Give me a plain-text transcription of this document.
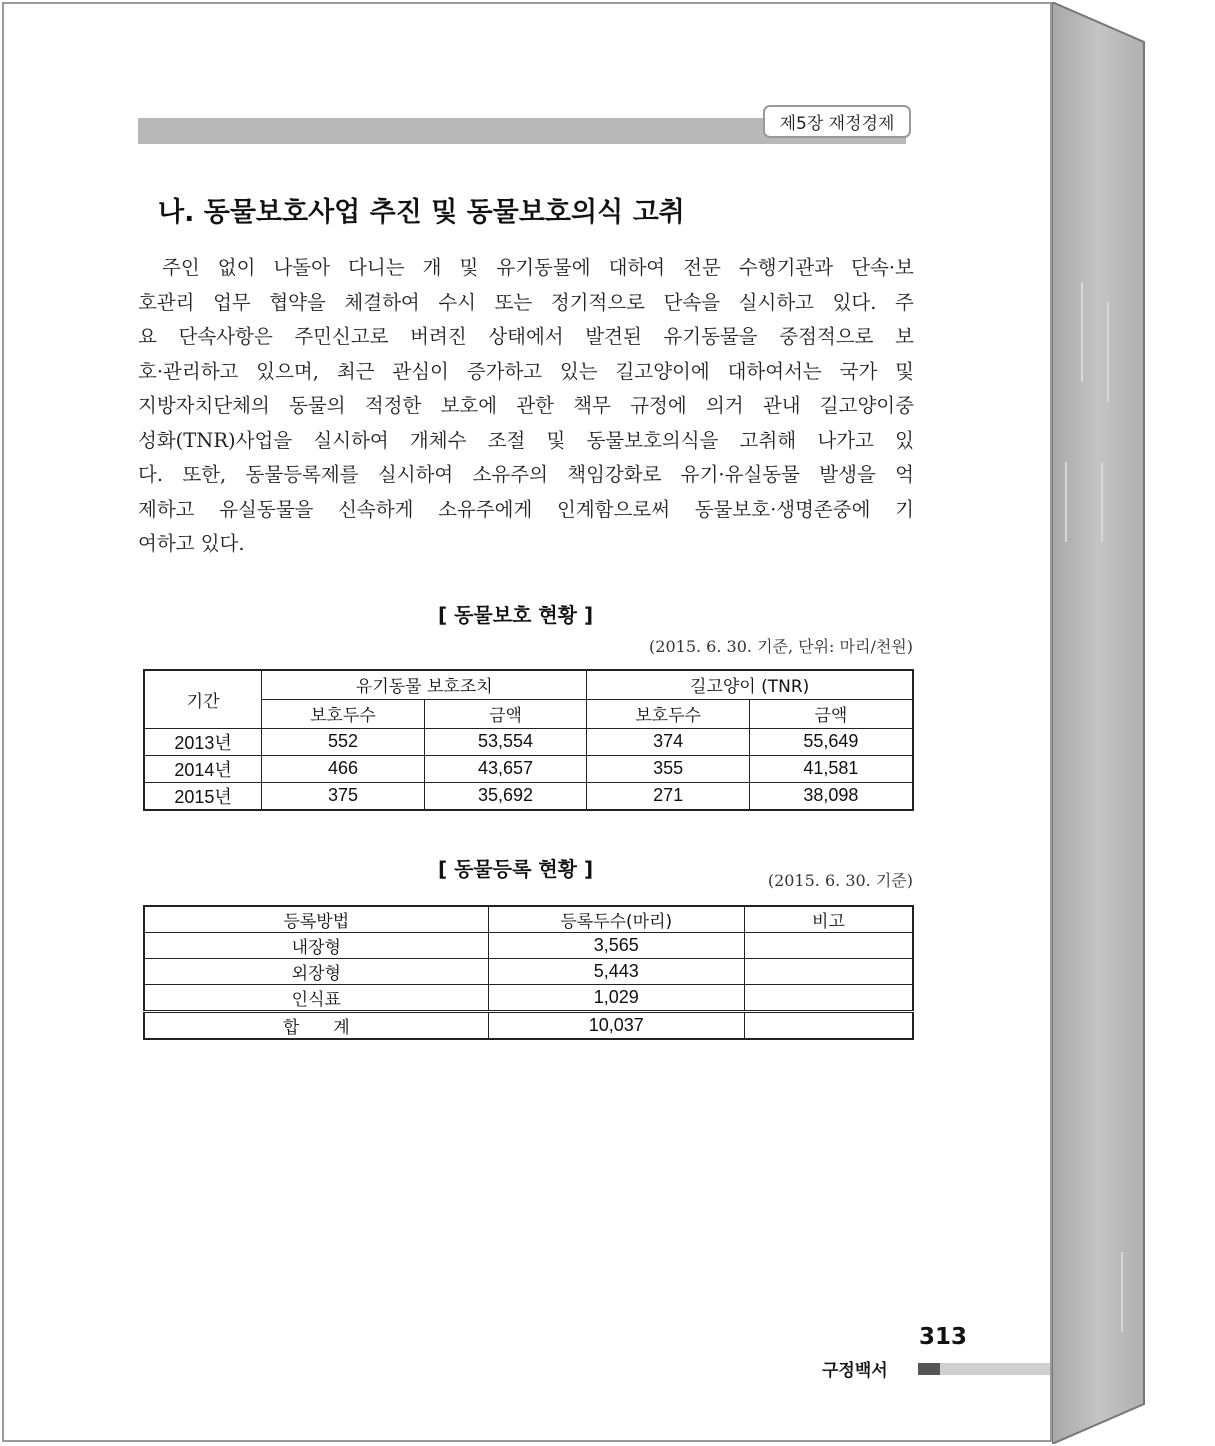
제5장 재정경제
나. 동물보호사업 추진 및 동물보호의식 고취
주인 없이 나돌아 다니는 개 및 유기동물에 대하여 전문 수행기관과 단속·보
호관리 업무 협약을 체결하여 수시 또는 정기적으로 단속을 실시하고 있다. 주
요 단속사항은 주민신고로 버려진 상태에서 발견된 유기동물을 중점적으로 보
호·관리하고 있으며, 최근 관심이 증가하고 있는 길고양이에 대하여서는 국가 및
지방자치단체의 동물의 적정한 보호에 관한 책무 규정에 의거 관내 길고양이중
성화(TNR)사업을 실시하여 개체수 조절 및 동물보호의식을 고취해 나가고 있
다. 또한, 동물등록제를 실시하여 소유주의 책임강화로 유기·유실동물 발생을 억
제하고 유실동물을 신속하게 소유주에게 인계함으로써 동물보호·생명존중에 기
여하고 있다.
[ 동물보호 현황 ]
(2015. 6. 30. 기준, 단위: 마리/천원)
기간	유기동물 보호조치		길고양이 (TNR)	
	보호두수	금액	보호두수	금액
2013년	552	53,554	374	55,649
2014년	466	43,657	355	41,581
2015년	375	35,692	271	38,098
[ 동물등록 현황 ]	(2015. 6. 30. 기준)
등록방법	등록두수(마리)	비고
내장형	3,565	
외장형	5,443	
인식표	1,029	
합　　계	10,037	
313
구정백서
